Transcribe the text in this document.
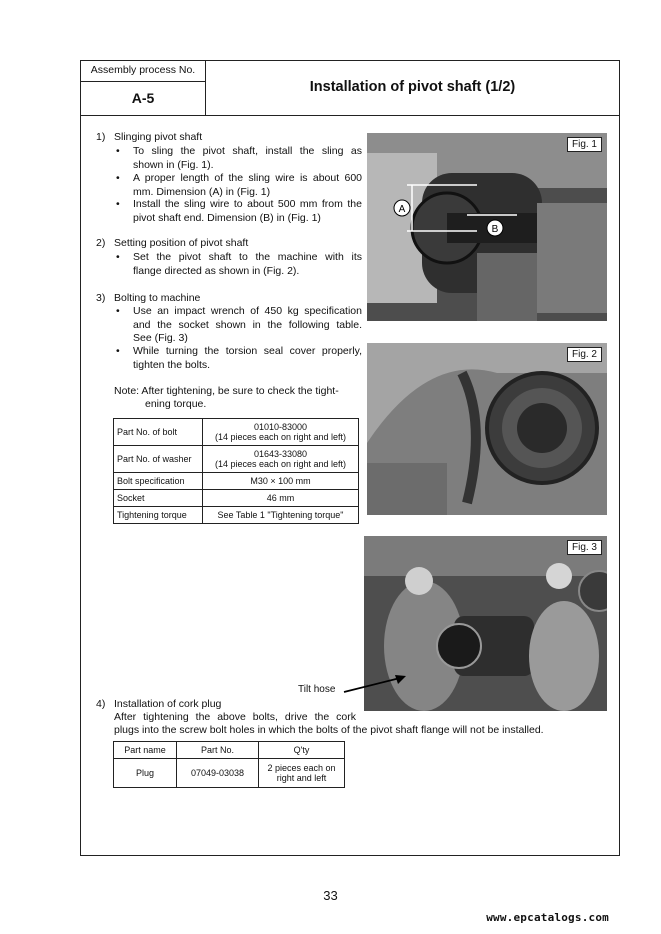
Assembly process No.
A-5
Installation of pivot shaft (1/2)
1) Slinging pivot shaft
• To sling the pivot shaft, install the sling as
shown in (Fig. 1).
• A proper length of the sling wire is about 600
mm. Dimension (A) in (Fig. 1)
• Install the sling wire to about 500 mm from the
pivot shaft end. Dimension (B) in (Fig. 1)
2) Setting position of pivot shaft
• Set the pivot shaft to the machine with its
flange directed as shown in (Fig. 2).
3) Bolting to machine
• Use an impact wrench of 450 kg specification
and the socket shown in the following table.
See (Fig. 3)
• While turning the torsion seal cover properly,
tighten the bolts.
Note: After tightening, be sure to check the tight-
ening torque.
Part No. of bolt	01010-83000
(14 pieces each on right and left)

Part No. of washer	01643-33080
(14 pieces each on right and left)

Bolt specification	M30 × 100 mm
Socket	46 mm
Tightening torque	See Table 1 "Tightening torque"
A
B
Fig. 1
Fig. 2
Fig. 3
Tilt hose
4) Installation of cork plug
After tightening the above bolts, drive the cork
plugs into the screw bolt holes in which the bolts of the pivot shaft flange will not be installed.
Part name	Part No.	Q'ty
Plug	07049-03038	2 pieces each on
right and left
33
www.epcatalogs.com
